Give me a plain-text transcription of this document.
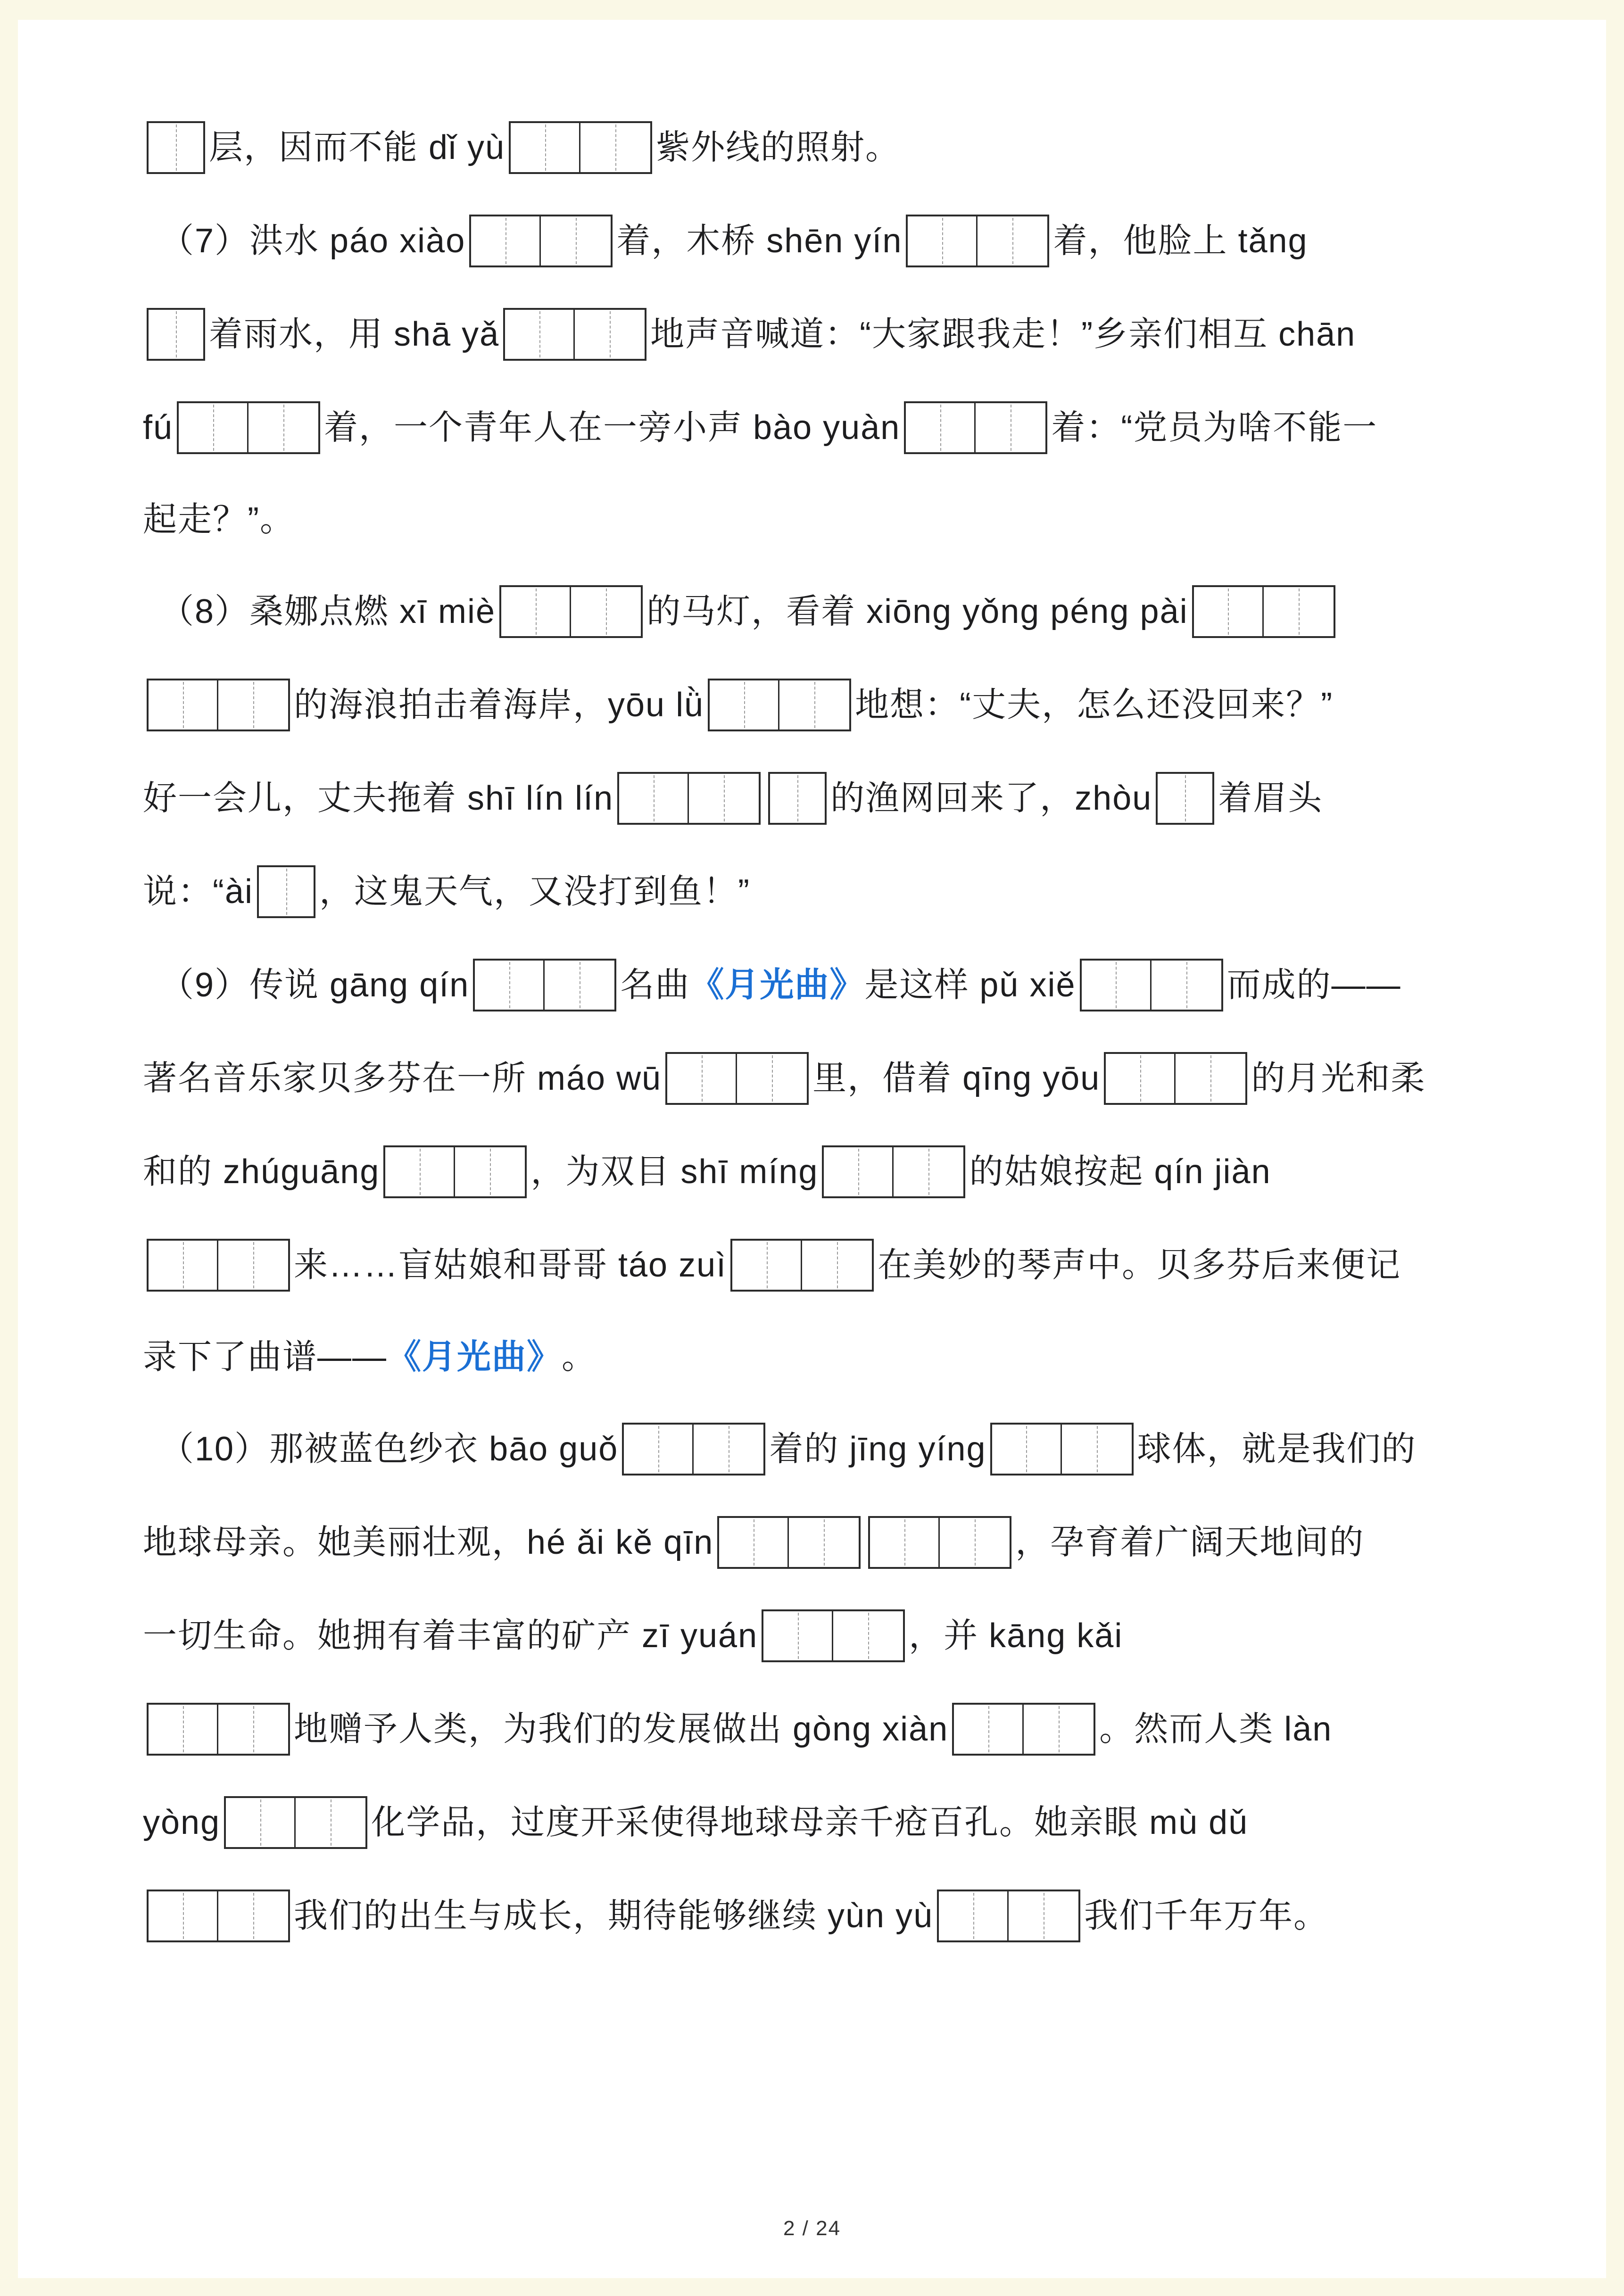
层，因而不能 dǐ yù	紫外线的照射。
（7）洪水 páo xiào	着，木桥 shēn yín	着，他脸上 tǎng
着雨水，用 shā yǎ	地声音喊道：“大家跟我走！”乡亲们相互 chān
fú	着，一个青年人在一旁小声 bào yuàn	着：“党员为啥不能一
起走？”。
（8）桑娜点燃 xī miè	的马灯，看着 xiōng yǒng péng pài
的海浪拍击着海岸，yōu lǜ	地想：“丈夫，怎么还没回来？”
好一会儿，丈夫拖着 shī lín lín	的渔网回来了，zhòu 着眉头
说：“ài ，这鬼天气，又没打到鱼！”
（9）传说 gāng qín	名曲 《月光曲》 是这样 pǔ xiě	而成的——
著名音乐家贝多芬在一所 máo wū	里，借着 qīng yōu	的月光和柔
和的 zhúguāng	，为双目 shī míng	的姑娘按起 qín jiàn
来……盲姑娘和哥哥 táo zuì	在美妙的琴声中。贝多芬后来便记
录下了曲谱—— 《月光曲》 。
（10）那被蓝色纱衣 bāo guǒ	着的 jīng yíng	球体，就是我们的
地球母亲。她美丽壮观，hé ǎi kě qīn	，孕育着广阔天地间的
一切生命。她拥有着丰富的矿产 zī yuán	，并 kāng kǎi
地赠予人类，为我们的发展做出 gòng xiàn	。然而人类 làn
yòng	化学品，过度开采使得地球母亲千疮百孔。她亲眼 mù dǔ
我们的出生与成长，期待能够继续 yùn yù	我们千年万年。
2 / 24
